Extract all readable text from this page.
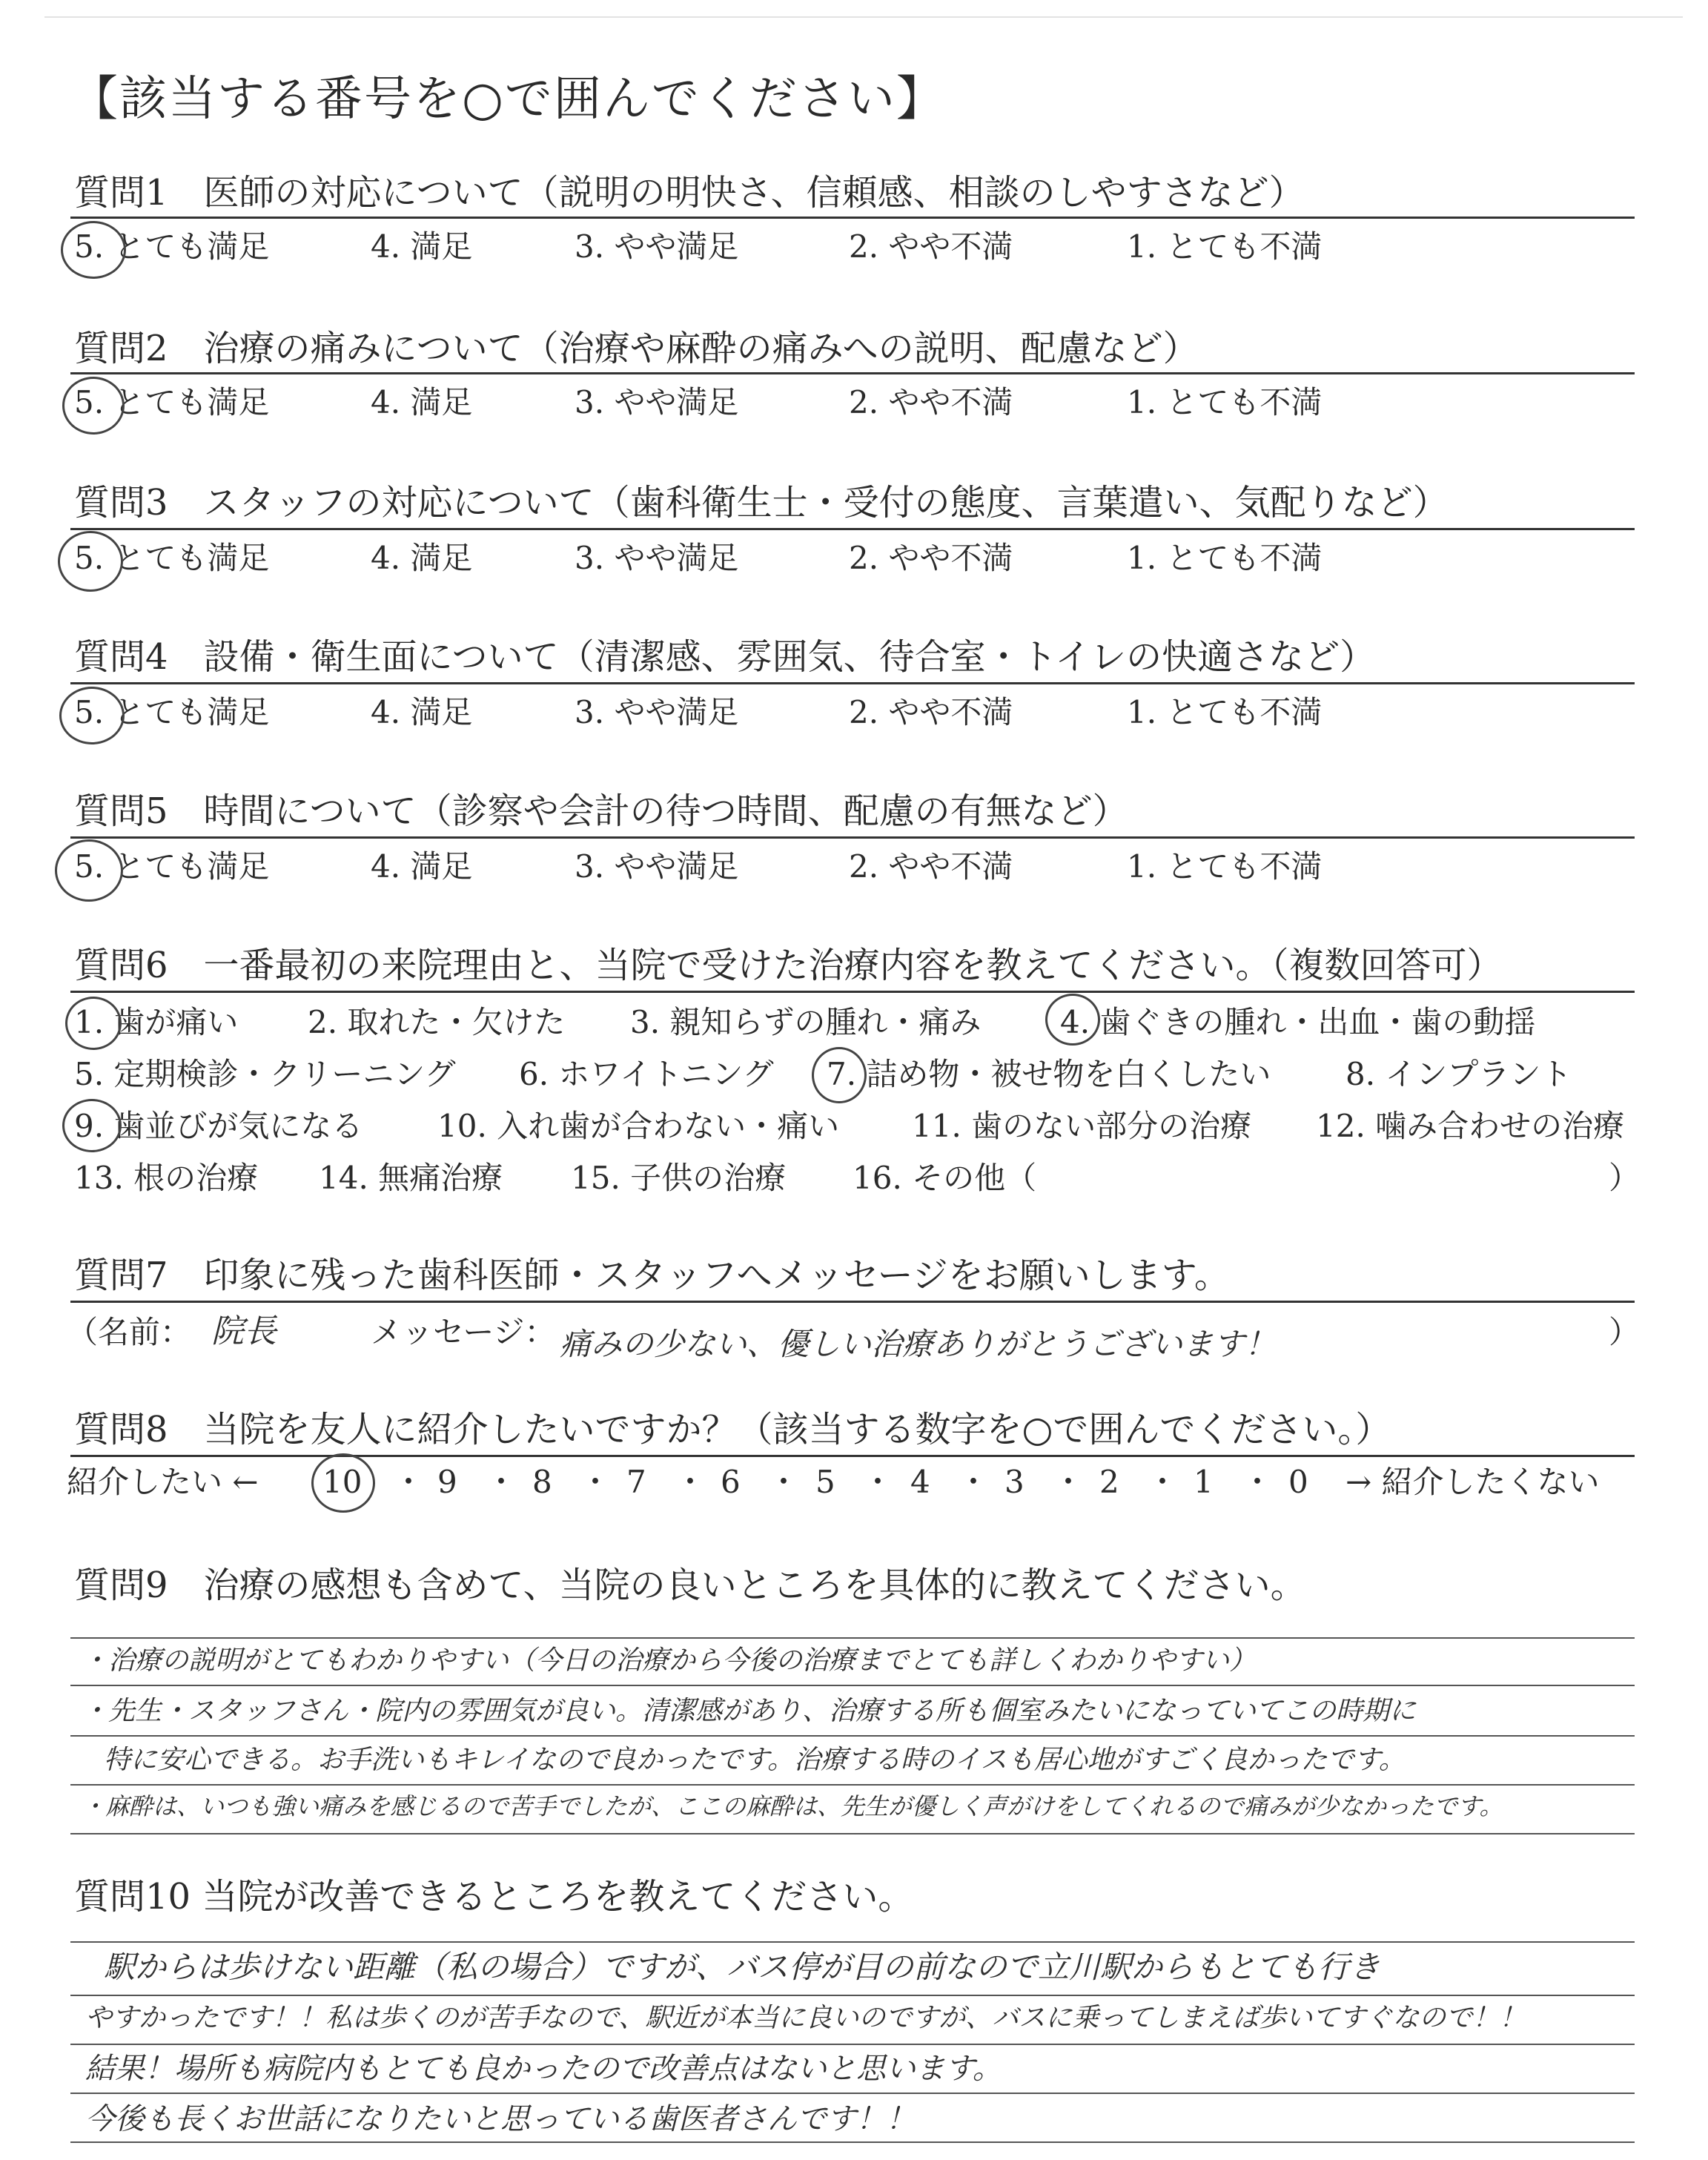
【該当する番号を○で囲んでください】
質問1　医師の対応について（説明の明快さ、信頼感、相談のしやすさなど）
5. とても満足	4. 満足	3. やや満足	2. やや不満	1. とても不満
質問2　治療の痛みについて（治療や麻酔の痛みへの説明、配慮など）
5. とても満足	4. 満足	3. やや満足	2. やや不満	1. とても不満
質問3　スタッフの対応について（歯科衛生士・受付の態度、言葉遣い、気配りなど）
5. とても満足	4. 満足	3. やや満足	2. やや不満	1. とても不満
質問4　設備・衛生面について（清潔感、雰囲気、待合室・トイレの快適さなど）
5. とても満足	4. 満足	3. やや満足	2. やや不満	1. とても不満
質問5　時間について（診察や会計の待つ時間、配慮の有無など）
5. とても満足	4. 満足	3. やや満足	2. やや不満	1. とても不満
質問6　一番最初の来院理由と、当院で受けた治療内容を教えてください。（複数回答可）
1. 歯が痛い 2. 取れた・欠けた 3. 親知らずの腫れ・痛み	4. 歯ぐきの腫れ・出血・歯の動揺
5. 定期検診・クリーニング 6. ホワイトニング 7. 詰め物・被せ物を白くしたい 8. インプラント
9. 歯並びが気になる 10. 入れ歯が合わない・痛い 11. 歯のない部分の治療 12. 噛み合わせの治療
13. 根の治療 14. 無痛治療 15. 子供の治療 16. その他（	）
質問7　印象に残った歯科医師・スタッフへメッセージをお願いします。
（名前： 院長	メッセージ： 痛みの少ない、優しい治療ありがとうございます！	）
質問8　当院を友人に紹介したいですか？（該当する数字を○で囲んでください。）
紹介したい ← 10 ・ 9 ・ 8 ・ 7 ・ 6 ・ 5 ・ 4 ・ 3 ・ 2 ・ 1 ・ 0 → 紹介したくない
質問9　治療の感想も含めて、当院の良いところを具体的に教えてください。
・治療の説明がとてもわかりやすい（今日の治療から今後の治療までとても詳しくわかりやすい）
・先生・スタッフさん・院内の雰囲気が良い。清潔感があり、治療する所も個室みたいになっていてこの時期に
特に安心できる。お手洗いもキレイなので良かったです。治療する時のイスも居心地がすごく良かったです。
・麻酔は、いつも強い痛みを感じるので苦手でしたが、ここの麻酔は、先生が優しく声がけをしてくれるので痛みが少なかったです。
質問10 当院が改善できるところを教えてください。
駅からは歩けない距離（私の場合）ですが、バス停が目の前なので立川駅からもとても行き
やすかったです！！私は歩くのが苦手なので、駅近が本当に良いのですが、バスに乗ってしまえば歩いてすぐなので！！
結果！場所も病院内もとても良かったので改善点はないと思います。
今後も長くお世話になりたいと思っている歯医者さんです！！
